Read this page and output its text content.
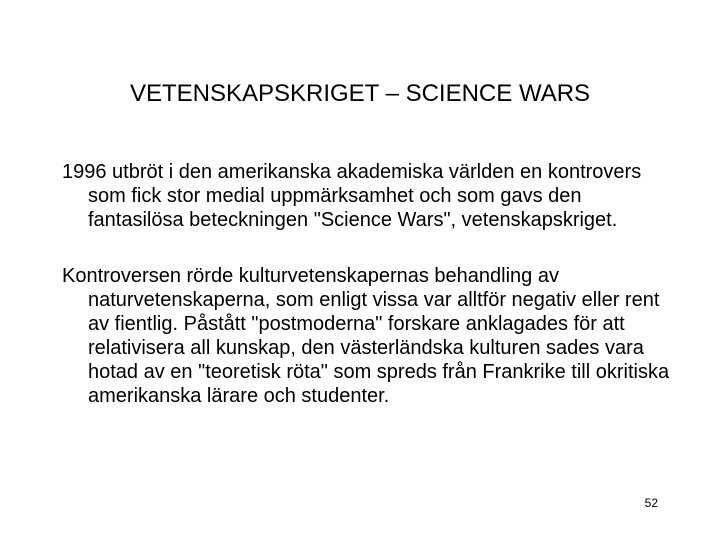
VETENSKAPSKRIGET – SCIENCE WARS

1996 utbröt i den amerikanska akademiska världen en kontrovers som fick stor medial uppmärksamhet och som gavs den fantasilösa beteckningen "Science Wars", vetenskapskriget.

Kontroversen rörde kulturvetenskapernas behandling av naturvetenskaperna, som enligt vissa var alltför negativ eller rent av fientlig. Påstått "postmoderna" forskare anklagades för att relativisera all kunskap, den västerländska kulturen sades vara hotad av en "teoretisk röta" som spreds från Frankrike till okritiska amerikanska lärare och studenter.

52
